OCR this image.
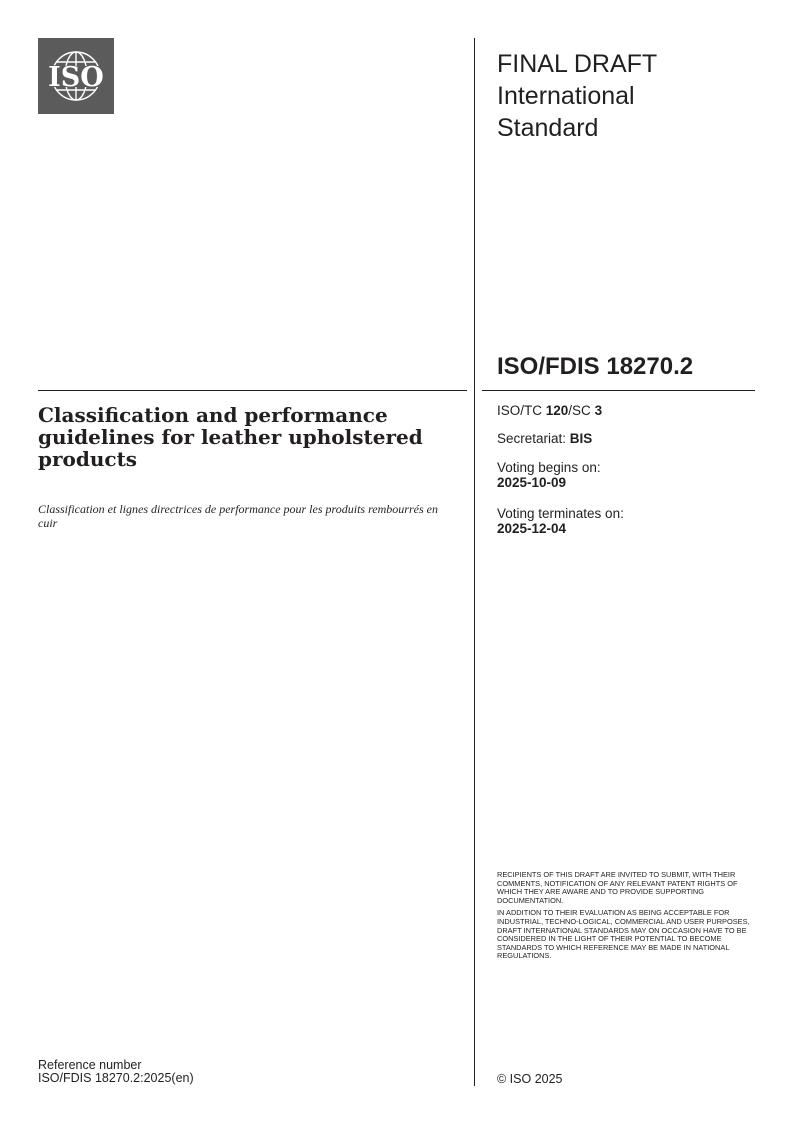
ISO	FINAL DRAFT
International
Standard
ISO/FDIS 18270.2
Classification and performance guidelines for leather upholstered products
Classification et lignes directrices de performance pour les produits rembourrés en cuir
ISO/TC 120/SC 3
Secretariat: BIS
Voting begins on:
2025-10-09
Voting terminates on:
2025-12-04

RECIPIENTS OF THIS DRAFT ARE INVITED TO SUBMIT, WITH THEIR COMMENTS, NOTIFICATION OF ANY RELEVANT PATENT RIGHTS OF WHICH THEY ARE AWARE AND TO PROVIDE SUPPORTING DOCUMENTATION.

IN ADDITION TO THEIR EVALUATION AS BEING ACCEPTABLE FOR INDUSTRIAL, TECHNO-LOGICAL, COMMERCIAL AND USER PURPOSES, DRAFT INTERNATIONAL STANDARDS MAY ON OCCASION HAVE TO BE CONSIDERED IN THE LIGHT OF THEIR POTENTIAL TO BECOME STANDARDS TO WHICH REFERENCE MAY BE MADE IN NATIONAL REGULATIONS.

Reference number
ISO/FDIS 18270.2:2025(en)	© ISO 2025
